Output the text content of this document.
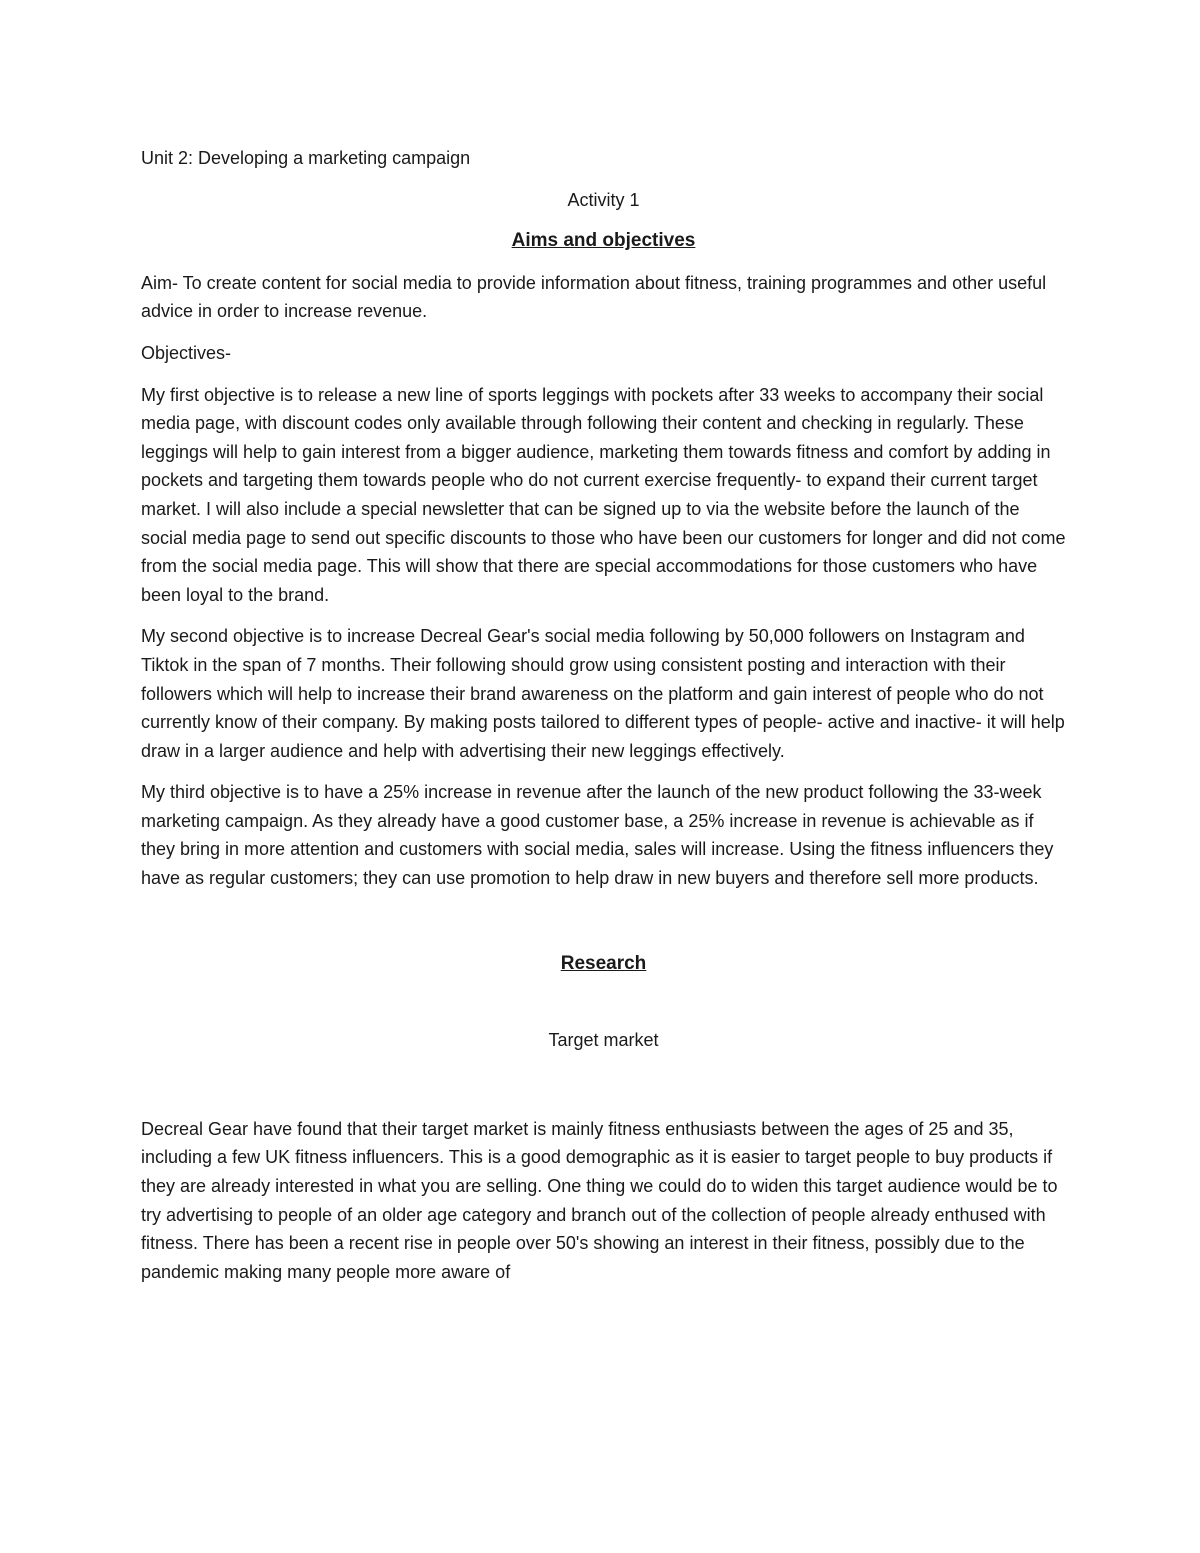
Unit 2: Developing a marketing campaign

Activity 1

Aims and objectives

Aim- To create content for social media to provide information about fitness, training programmes and other useful advice in order to increase revenue.

Objectives-

My first objective is to release a new line of sports leggings with pockets after 33 weeks to accompany their social media page, with discount codes only available through following their content and checking in regularly. These leggings will help to gain interest from a bigger audience, marketing them towards fitness and comfort by adding in pockets and targeting them towards people who do not current exercise frequently- to expand their current target market. I will also include a special newsletter that can be signed up to via the website before the launch of the social media page to send out specific discounts to those who have been our customers for longer and did not come from the social media page. This will show that there are special accommodations for those customers who have been loyal to the brand.

My second objective is to increase Decreal Gear's social media following by 50,000 followers on Instagram and Tiktok in the span of 7 months. Their following should grow using consistent posting and interaction with their followers which will help to increase their brand awareness on the platform and gain interest of people who do not currently know of their company. By making posts tailored to different types of people- active and inactive- it will help draw in a larger audience and help with advertising their new leggings effectively.

My third objective is to have a 25% increase in revenue after the launch of the new product following the 33-week marketing campaign. As they already have a good customer base, a 25% increase in revenue is achievable as if they bring in more attention and customers with social media, sales will increase. Using the fitness influencers they have as regular customers; they can use promotion to help draw in new buyers and therefore sell more products.

Research

Target market

Decreal Gear have found that their target market is mainly fitness enthusiasts between the ages of 25 and 35, including a few UK fitness influencers. This is a good demographic as it is easier to target people to buy products if they are already interested in what you are selling. One thing we could do to widen this target audience would be to try advertising to people of an older age category and branch out of the collection of people already enthused with fitness. There has been a recent rise in people over 50's showing an interest in their fitness, possibly due to the pandemic making many people more aware of
